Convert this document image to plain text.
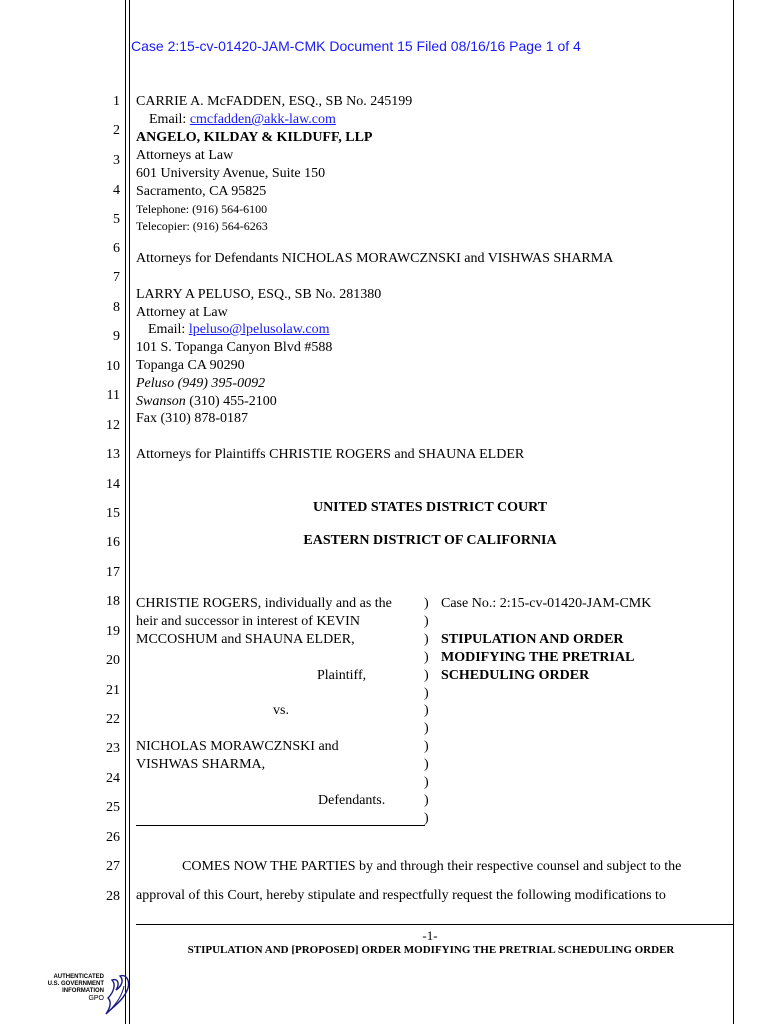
Case 2:15-cv-01420-JAM-CMK Document 15 Filed 08/16/16 Page 1 of 4
1
2
3
4
5
6
7
8
9
10
11
12
13
14
15
16
17
18
19
20
21
22
23
24
25
26
27
28
CARRIE A. McFADDEN, ESQ., SB No. 245199
Email: cmcfadden@akk-law.com
ANGELO, KILDAY & KILDUFF, LLP
Attorneys at Law
601 University Avenue, Suite 150
Sacramento, CA 95825
Telephone: (916) 564-6100
Telecopier: (916) 564-6263
Attorneys for Defendants NICHOLAS MORAWCZNSKI and VISHWAS SHARMA
LARRY A PELUSO, ESQ., SB No. 281380
Attorney at Law
Email: lpeluso@lpelusolaw.com
101 S. Topanga Canyon Blvd #588
Topanga CA 90290
Peluso (949) 395-0092
Swanson (310) 455-2100
Fax (310) 878-0187
Attorneys for Plaintiffs CHRISTIE ROGERS and SHAUNA ELDER
UNITED STATES DISTRICT COURT
EASTERN DISTRICT OF CALIFORNIA
CHRISTIE ROGERS, individually and as the
heir and successor in interest of KEVIN
MCCOSHUM and SHAUNA ELDER,
Plaintiff,
vs.
NICHOLAS MORAWCZNSKI and
VISHWAS SHARMA,
Defendants.
)
)
)
)
)
)
)
)
)
)
)
)
)
Case No.: 2:15-cv-01420-JAM-CMK
STIPULATION AND ORDER
MODIFYING THE PRETRIAL
SCHEDULING ORDER
COMES NOW THE PARTIES by and through their respective counsel and subject to the
approval of this Court, hereby stipulate and respectfully request the following modifications to
-1-
STIPULATION AND [PROPOSED] ORDER MODIFYING THE PRETRIAL SCHEDULING ORDER
AUTHENTICATED
U.S. GOVERNMENT
INFORMATION
GPO
